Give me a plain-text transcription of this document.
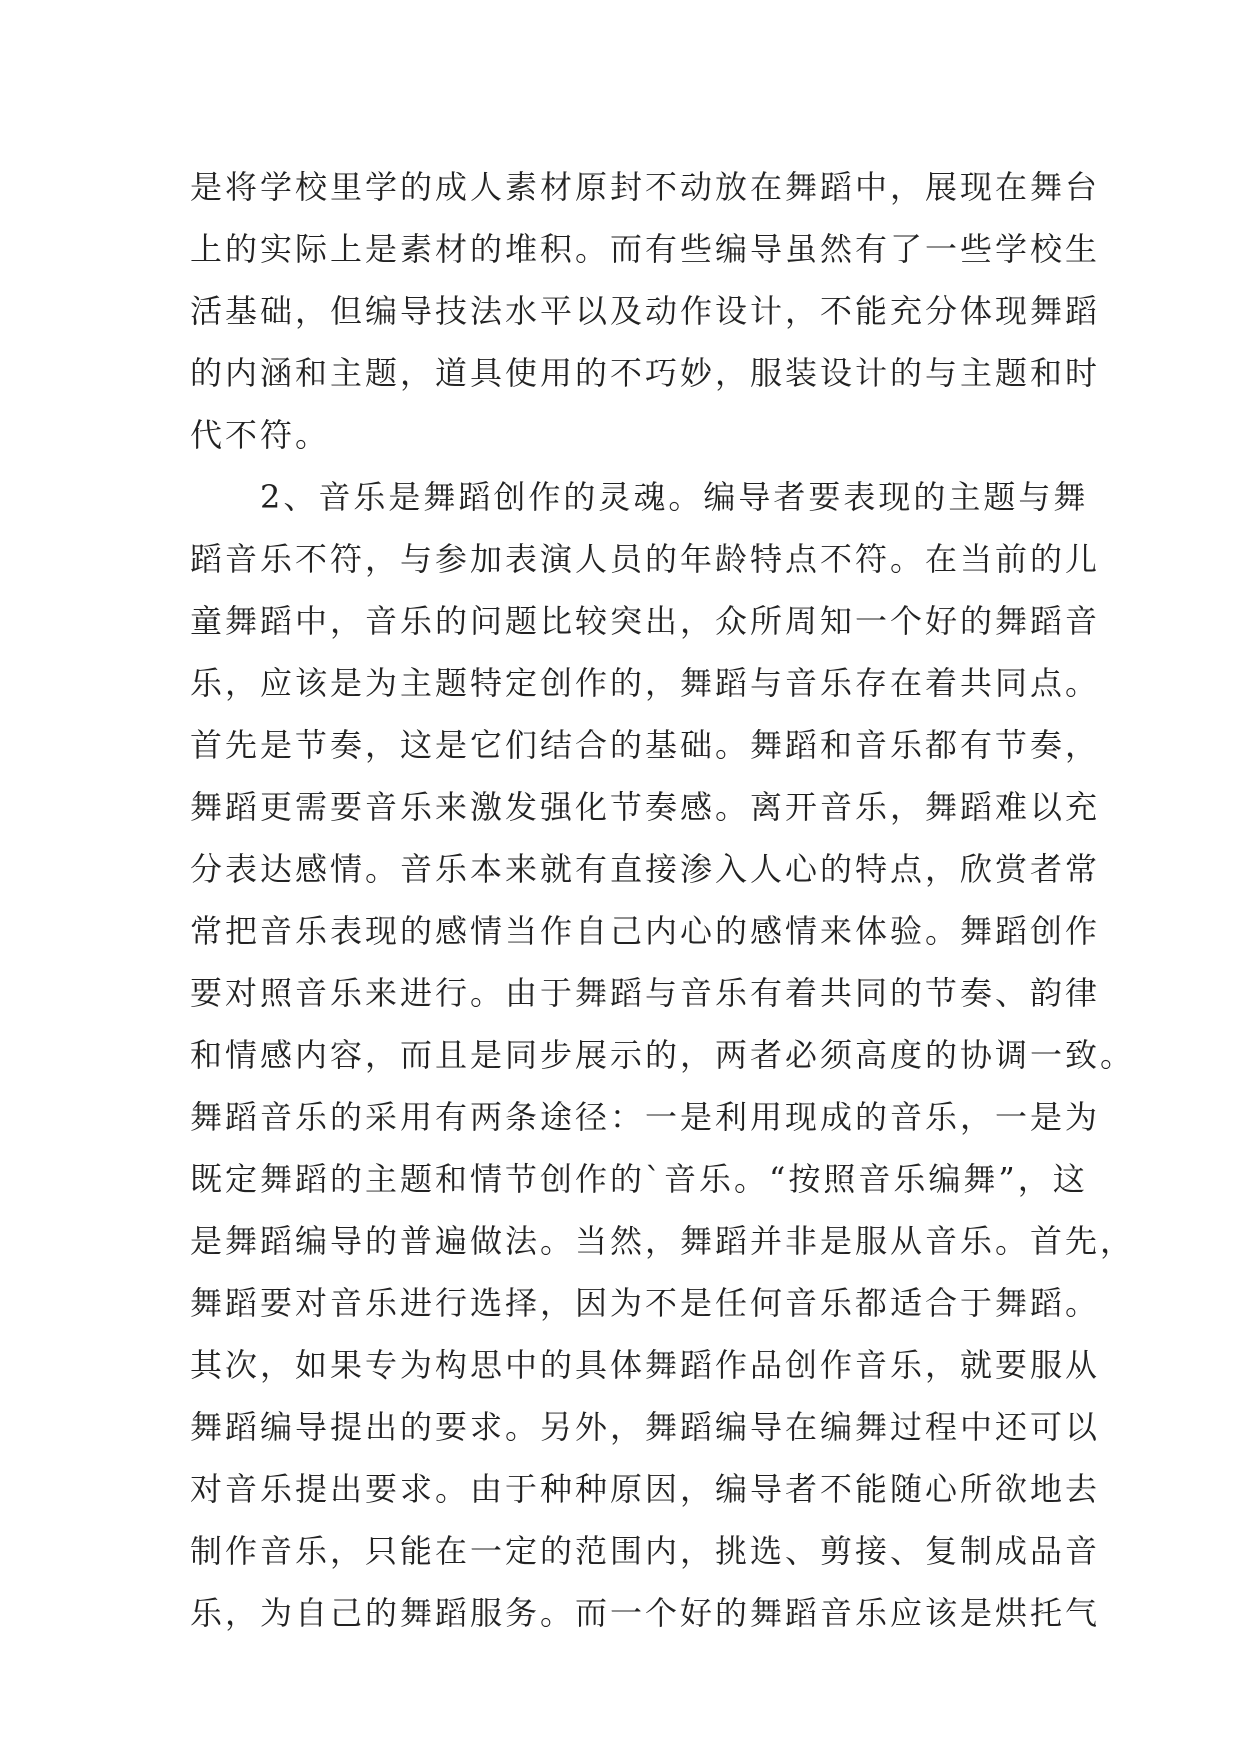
是将学校里学的成人素材原封不动放在舞蹈中，展现在舞台
上的实际上是素材的堆积。而有些编导虽然有了一些学校生
活基础，但编导技法水平以及动作设计，不能充分体现舞蹈
的内涵和主题，道具使用的不巧妙，服装设计的与主题和时
代不符。
　　2、音乐是舞蹈创作的灵魂。编导者要表现的主题与舞
蹈音乐不符，与参加表演人员的年龄特点不符。在当前的儿
童舞蹈中，音乐的问题比较突出，众所周知一个好的舞蹈音
乐，应该是为主题特定创作的，舞蹈与音乐存在着共同点。
首先是节奏，这是它们结合的基础。舞蹈和音乐都有节奏，
舞蹈更需要音乐来激发强化节奏感。离开音乐，舞蹈难以充
分表达感情。音乐本来就有直接渗入人心的特点，欣赏者常
常把音乐表现的感情当作自己内心的感情来体验。舞蹈创作
要对照音乐来进行。由于舞蹈与音乐有着共同的节奏、韵律
和情感内容，而且是同步展示的，两者必须高度的协调一致。
舞蹈音乐的采用有两条途径：一是利用现成的音乐，一是为
既定舞蹈的主题和情节创作的`音乐。“按照音乐编舞”，这
是舞蹈编导的普遍做法。当然，舞蹈并非是服从音乐。首先，
舞蹈要对音乐进行选择，因为不是任何音乐都适合于舞蹈。
其次，如果专为构思中的具体舞蹈作品创作音乐，就要服从
舞蹈编导提出的要求。另外，舞蹈编导在编舞过程中还可以
对音乐提出要求。由于种种原因，编导者不能随心所欲地去
制作音乐，只能在一定的范围内，挑选、剪接、复制成品音
乐，为自己的舞蹈服务。而一个好的舞蹈音乐应该是烘托气
